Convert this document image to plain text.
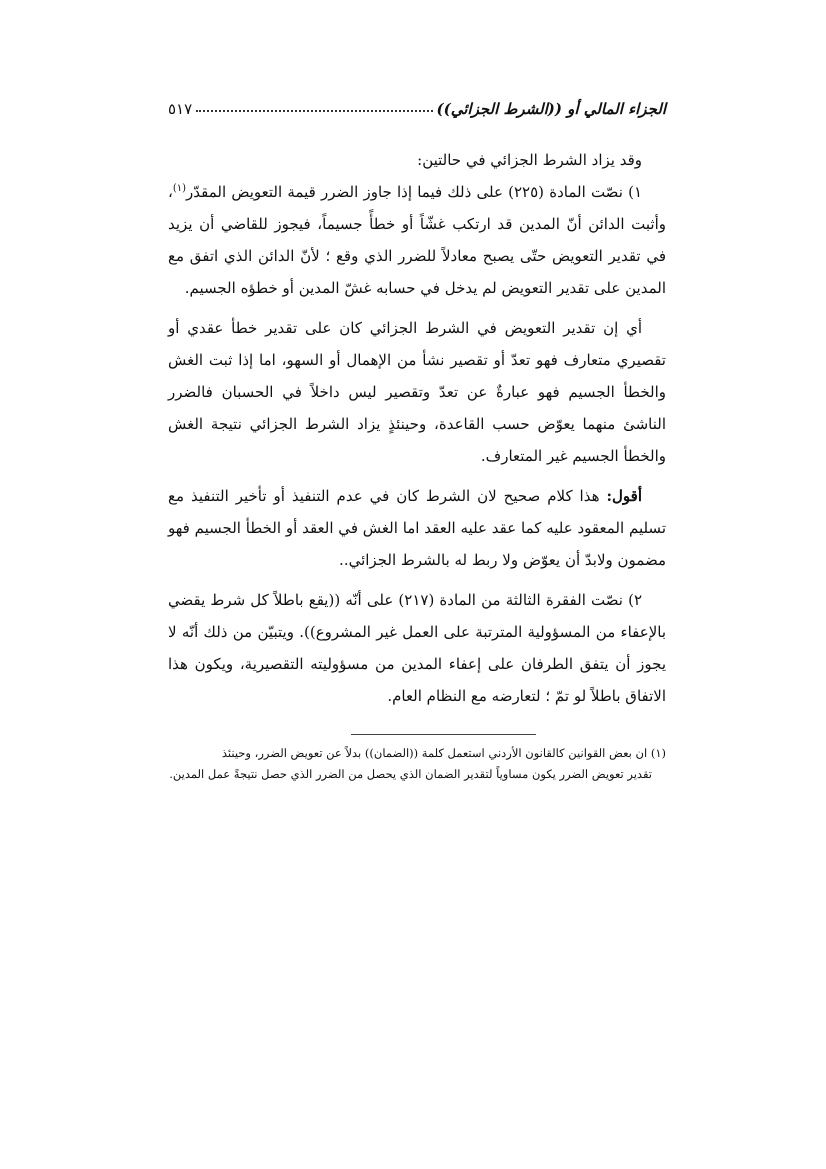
الجزاء المالي أو ((الشرط الجزائي))
٥١٧

وقد يزاد الشرط الجزائي في حالتين:

١) نصّت المادة (٢٢٥) على ذلك فيما إذا جاوز الضرر قيمة التعويض المقدّر$^{(١)}$، وأثبت الدائن أنّ المدين قد ارتكب غشّاً أو خطأً جسيماً، فيجوز للقاضي أن يزيد في تقدير التعويض حتّى يصبح معادلاً للضرر الذي وقع ؛ لأنّ الدائن الذي اتفق مع المدين على تقدير التعويض لم يدخل في حسابه غشّ المدين أو خطؤه الجسيم.

أي إن تقدير التعويض في الشرط الجزائي كان على تقدير خطأ عقدي أو تقصيري متعارف فهو تعدّ أو تقصير نشأ من الإهمال أو السهو، اما إذا ثبت الغش والخطأ الجسيم فهو عبارةٌ عن تعدّ وتقصير ليس داخلاً في الحسبان فالضرر الناشئ منهما يعوّض حسب القاعدة، وحينئذٍ يزاد الشرط الجزائي نتيجة الغش والخطأ الجسيم غير المتعارف.

أقول: هذا كلام صحيح لان الشرط كان في عدم التنفيذ أو تأخير التنفيذ مع تسليم المعقود عليه كما عقد عليه العقد اما الغش في العقد أو الخطأ الجسيم فهو مضمون ولابدّ أن يعوّض ولا ربط له بالشرط الجزائي..

٢) نصّت الفقرة الثالثة من المادة (٢١٧) على أنّه ((يقع باطلاً كل شرط يقضي بالإعفاء من المسؤولية المترتبة على العمل غير المشروع)). ويتبيّن من ذلك أنّه لا يجوز أن يتفق الطرفان على إعفاء المدين من مسؤوليته التقصيرية، ويكون هذا الاتفاق باطلاً لو تمّ ؛ لتعارضه مع النظام العام.

(١) ان بعض القوانين كالقانون الأردني استعمل كلمة ((الضمان)) بدلاً عن تعويض الضرر، وحينئذ

تقدير تعويض الضرر يكون مساوياً لتقدير الضمان الذي يحصل من الضرر الذي حصل نتيجةً عمل المدين.
